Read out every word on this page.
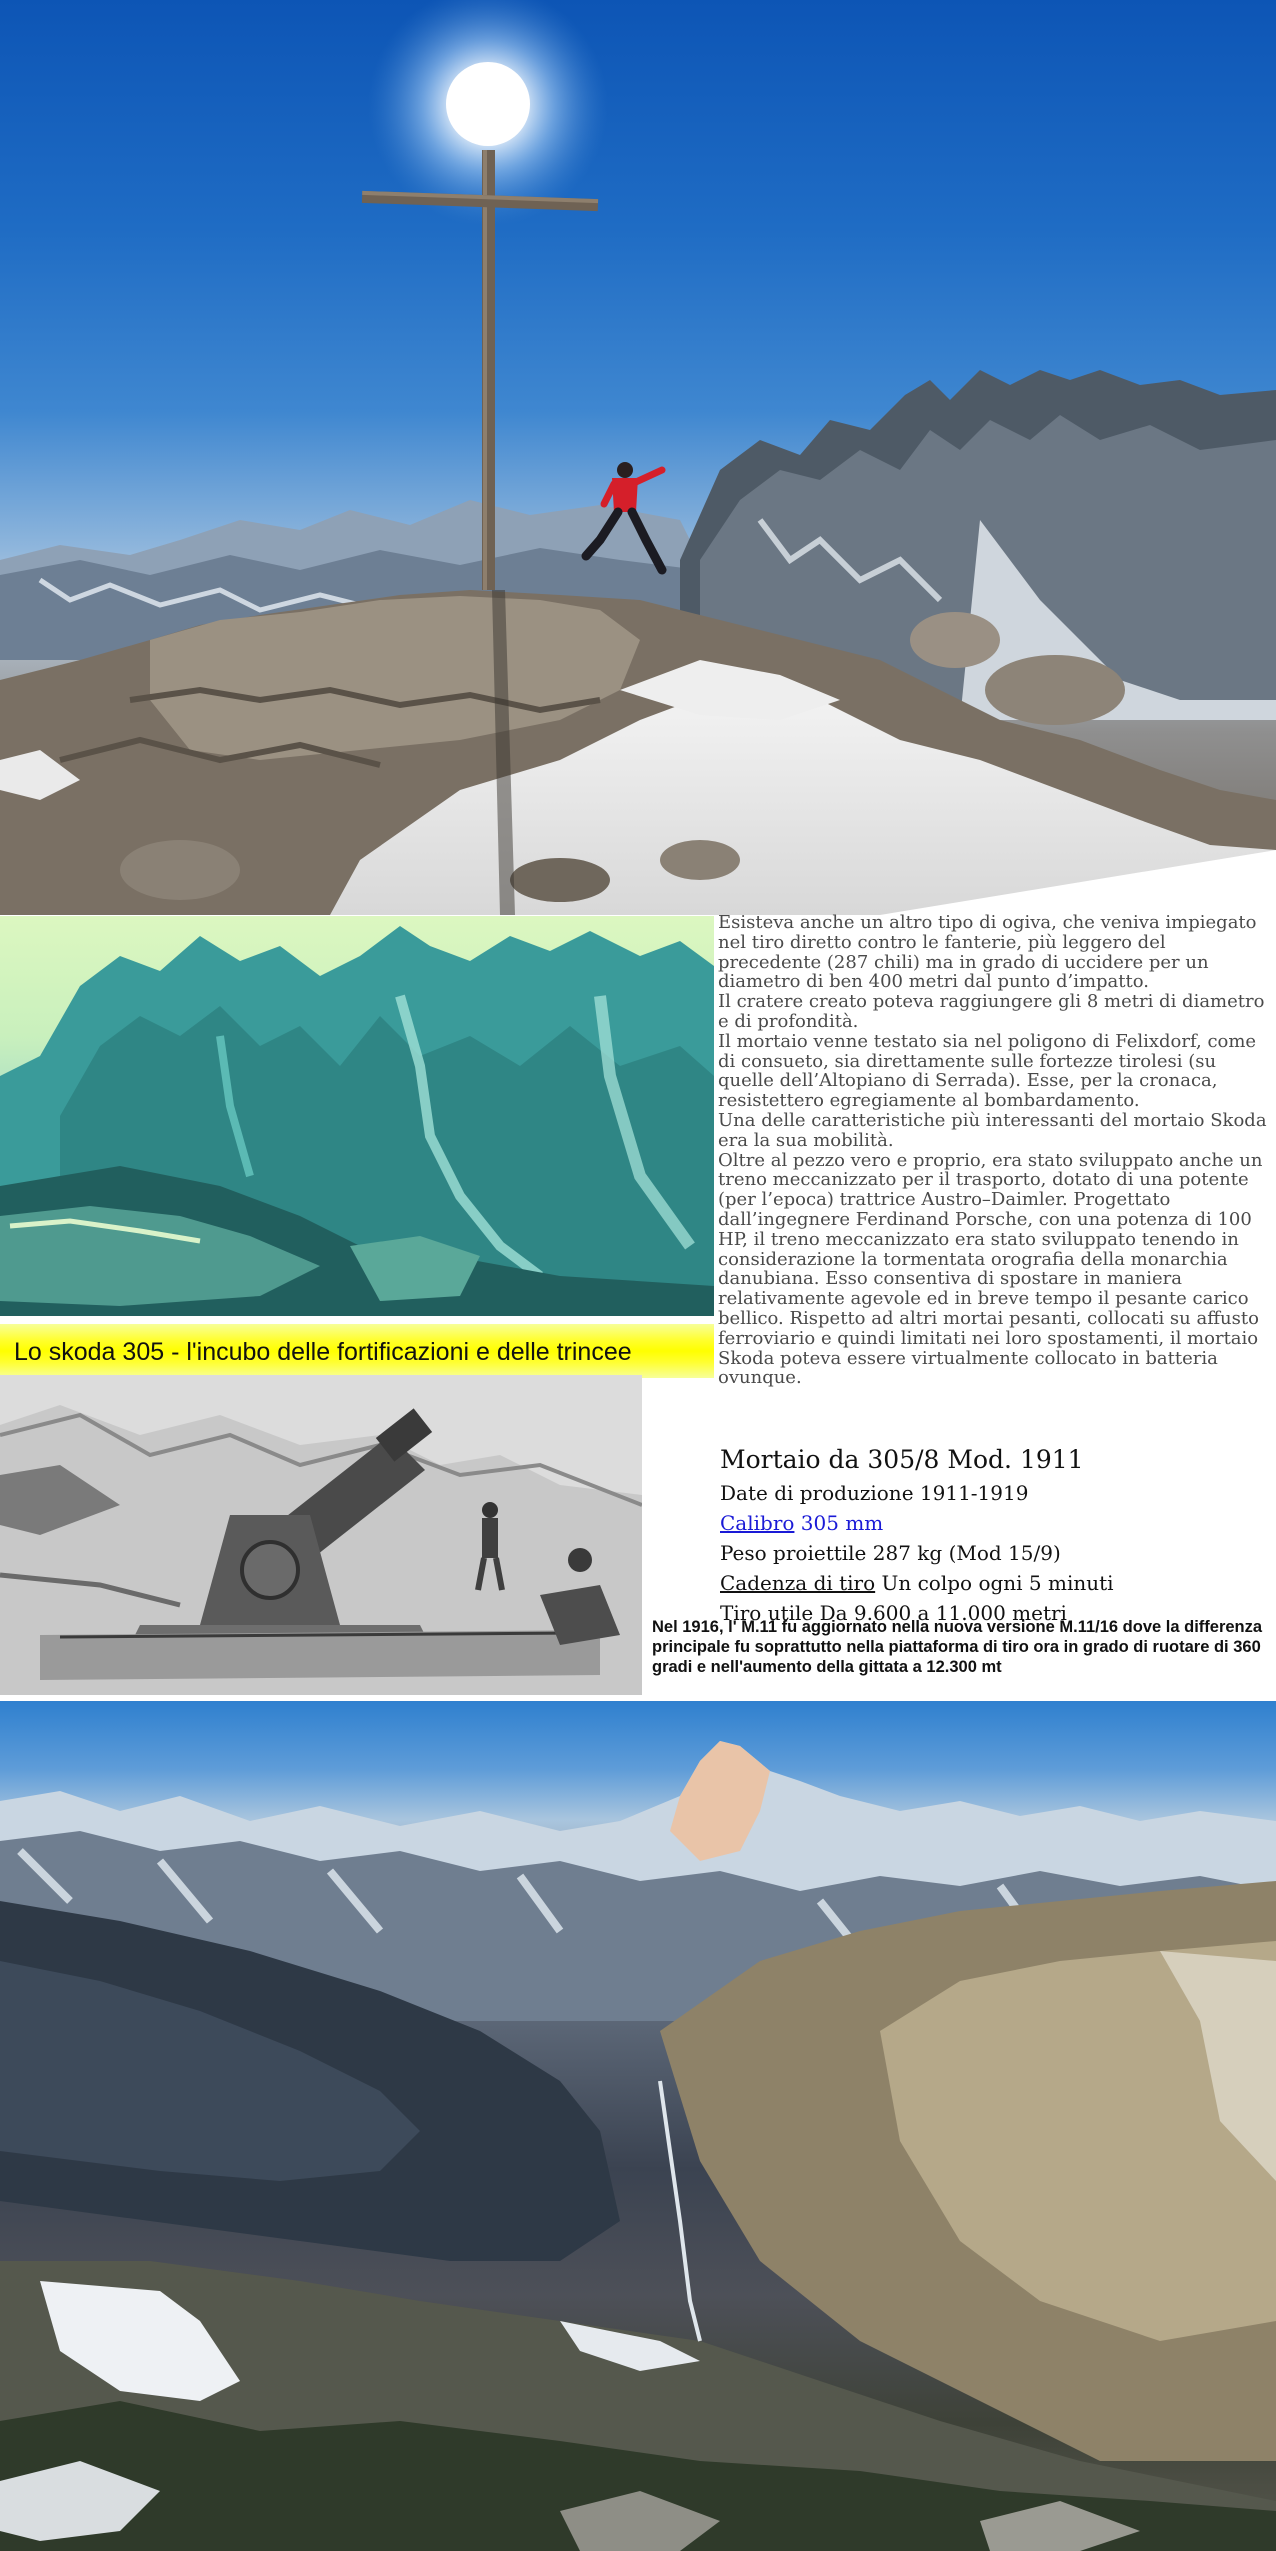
Lo skoda 305 - l'incubo delle fortificazioni e delle trincee

Esisteva anche un altro tipo di ogiva, che veniva impiegato nel tiro diretto contro le fanterie, più leggero del precedente (287 chili) ma in grado di uccidere per un diametro di ben 400 metri dal punto d’impatto.

Il cratere creato poteva raggiungere gli 8 metri di diametro e di profondità.

Il mortaio venne testato sia nel poligono di Felixdorf, come di consueto, sia direttamente sulle fortezze tirolesi (su quelle dell’Altopiano di Serrada). Esse, per la cronaca, resistettero egregiamente al bombardamento.

Una delle caratteristiche più interessanti del mortaio Skoda era la sua mobilità.

Oltre al pezzo vero e proprio, era stato sviluppato anche un treno meccanizzato per il trasporto, dotato di una potente (per l’epoca) trattrice Austro–Daimler. Progettato dall’ingegnere Ferdinand Porsche, con una potenza di 100 HP, il treno meccanizzato era stato sviluppato tenendo in considerazione la tormentata orografia della monarchia danubiana. Esso consentiva di spostare in maniera relativamente agevole ed in breve tempo il pesante carico bellico. Rispetto ad altri mortai pesanti, collocati su affusto ferroviario e quindi limitati nei loro spostamenti, il mortaio Skoda poteva essere virtualmente collocato in batteria ovunque.

Mortaio da 305/8 Mod. 1911
Date di produzione 1911-1919
Calibro 305 mm
Peso proiettile 287 kg (Mod 15/9)
Cadenza di tiro Un colpo ogni 5 minuti
Tiro utile Da 9.600 a 11.000 metri
Nel 1916, l' M.11 fu aggiornato nella nuova versione M.11/16 dove la differenza principale fu soprattutto nella piattaforma di tiro ora in grado di ruotare di 360 gradi e nell'aumento della gittata a 12.300 mt
